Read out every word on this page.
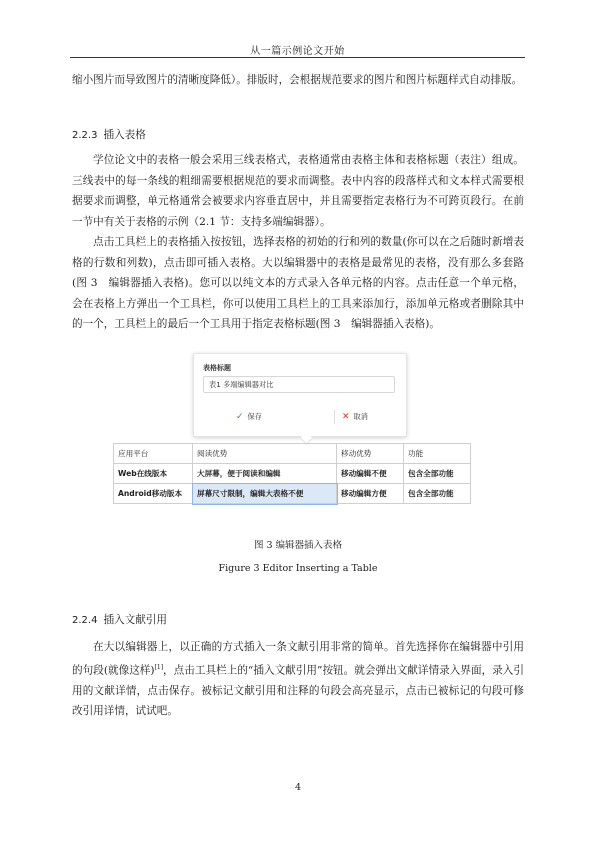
从一篇示例论文开始

缩小图片而导致图片的清晰度降低）。排版时，会根据规范要求的图片和图片标题样式自动排版。

2.2.3 插入表格

学位论文中的表格一般会采用三线表格式，表格通常由表格主体和表格标题（表注）组成。三线表中的每一条线的粗细需要根据规范的要求而调整。表中内容的段落样式和文本样式需要根据要求而调整，单元格通常会被要求内容垂直居中，并且需要指定表格行为不可跨页段行。在前一节中有关于表格的示例（2.1 节：支持多端编辑器）。

点击工具栏上的表格插入按按钮，选择表格的初始的行和列的数量(你可以在之后随时新增表格的行数和列数)，点击即可插入表格。大以编辑器中的表格是最常见的表格，没有那么多套路(图 3　编辑器插入表格)。您可以以纯文本的方式录入各单元格的内容。点击任意一个单元格，会在表格上方弹出一个工具栏，你可以使用工具栏上的工具来添加行，添加单元格或者删除其中的一个，工具栏上的最后一个工具用于指定表格标题(图 3　编辑器插入表格)。

表格标题
表1 多端编辑器对比
✓ 保存	✕ 取消
应用平台	阅读优势	移动优势	功能
Web在线版本	大屏幕，便于阅读和编辑	移动编辑不便	包含全部功能
Android移动版本	屏幕尺寸限制，编辑大表格不便	移动编辑方便	包含全部功能
图 3 编辑器插入表格
Figure 3 Editor Inserting a Table
2.2.4 插入文献引用

在大以编辑器上，以正确的方式插入一条文献引用非常的简单。首先选择你在编辑器中引用的句段(就像这样)[1]，点击工具栏上的“插入文献引用”按钮。就会弹出文献详情录入界面，录入引用的文献详情，点击保存。被标记文献引用和注释的句段会高亮显示，点击已被标记的句段可修改引用详情，试试吧。

4
